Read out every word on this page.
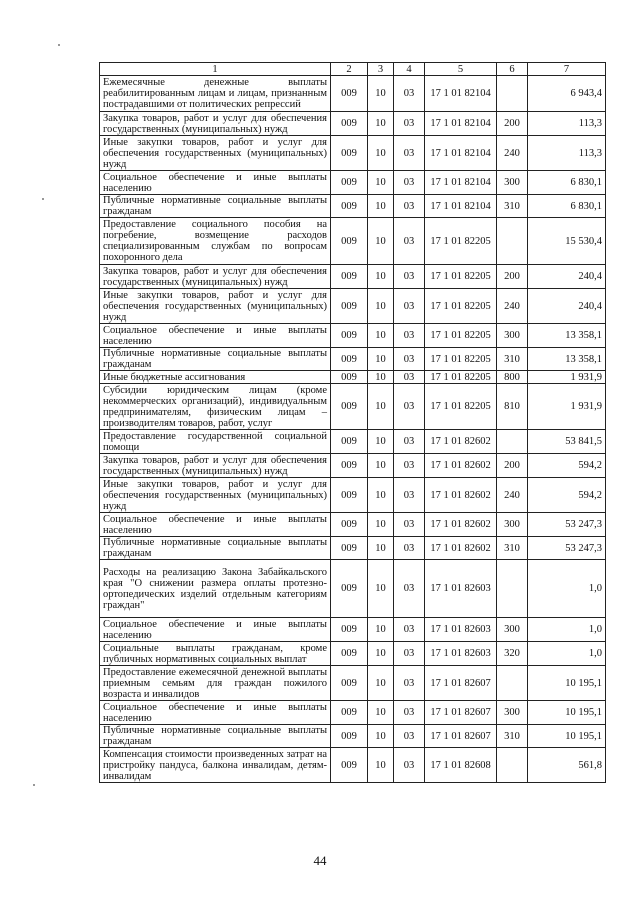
1	2	3	4	5	6	7
Ежемесячные денежные выплаты реабилитированным лицам и лицам, признанным пострадавшими от политических репрессий	009	10	03	17 1 01 82104		6 943,4
Закупка товаров, работ и услуг для обеспечения государственных (муниципальных) нужд	009	10	03	17 1 01 82104	200	113,3
Иные закупки товаров, работ и услуг для обеспечения государственных (муниципальных) нужд	009	10	03	17 1 01 82104	240	113,3
Социальное обеспечение и иные выплаты населению	009	10	03	17 1 01 82104	300	6 830,1
Публичные нормативные социальные выплаты гражданам	009	10	03	17 1 01 82104	310	6 830,1
Предоставление социального пособия на погребение, возмещение расходов специализированным службам по вопросам похоронного дела	009	10	03	17 1 01 82205		15 530,4
Закупка товаров, работ и услуг для обеспечения государственных (муниципальных) нужд	009	10	03	17 1 01 82205	200	240,4
Иные закупки товаров, работ и услуг для обеспечения государственных (муниципальных) нужд	009	10	03	17 1 01 82205	240	240,4
Социальное обеспечение и иные выплаты населению	009	10	03	17 1 01 82205	300	13 358,1
Публичные нормативные социальные выплаты гражданам	009	10	03	17 1 01 82205	310	13 358,1
Иные бюджетные ассигнования	009	10	03	17 1 01 82205	800	1 931,9
Субсидии юридическим лицам (кроме некоммерческих организаций), индивидуальным предпринимателям, физическим лицам – производителям товаров, работ, услуг	009	10	03	17 1 01 82205	810	1 931,9
Предоставление государственной социальной помощи	009	10	03	17 1 01 82602		53 841,5
Закупка товаров, работ и услуг для обеспечения государственных (муниципальных) нужд	009	10	03	17 1 01 82602	200	594,2
Иные закупки товаров, работ и услуг для обеспечения государственных (муниципальных) нужд	009	10	03	17 1 01 82602	240	594,2
Социальное обеспечение и иные выплаты населению	009	10	03	17 1 01 82602	300	53 247,3
Публичные нормативные социальные выплаты гражданам	009	10	03	17 1 01 82602	310	53 247,3
Расходы на реализацию Закона Забайкальского края "О снижении размера оплаты протезно-ортопедических изделий отдельным категориям граждан"	009	10	03	17 1 01 82603		1,0
Социальное обеспечение и иные выплаты населению	009	10	03	17 1 01 82603	300	1,0
Социальные выплаты гражданам, кроме публичных нормативных социальных выплат	009	10	03	17 1 01 82603	320	1,0
Предоставление ежемесячной денежной выплаты приемным семьям для граждан пожилого возраста и инвалидов	009	10	03	17 1 01 82607		10 195,1
Социальное обеспечение и иные выплаты населению	009	10	03	17 1 01 82607	300	10 195,1
Публичные нормативные социальные выплаты гражданам	009	10	03	17 1 01 82607	310	10 195,1
Компенсация стоимости произведенных затрат на пристройку пандуса, балкона инвалидам, детям-инвалидам	009	10	03	17 1 01 82608		561,8
44
